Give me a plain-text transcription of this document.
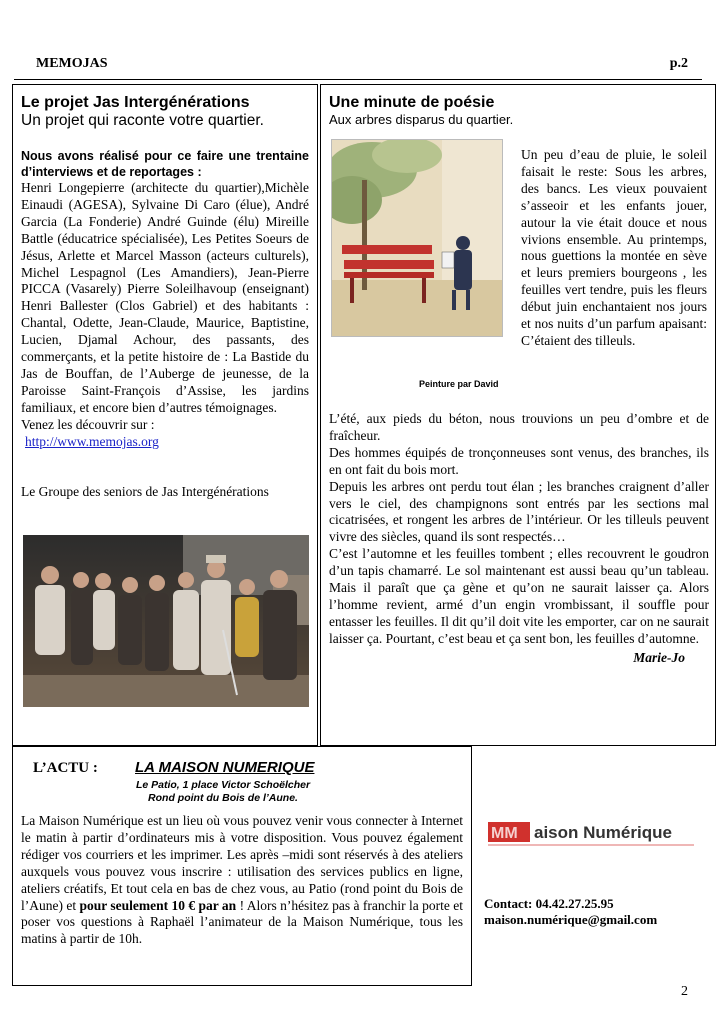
MEMOJAS	p.2

Le projet Jas Intergénérations

Un projet qui raconte votre quartier.

Nous avons réalisé pour ce faire une trentaine d’interviews et de reportages :
Henri Longepierre (architecte du quartier),Michèle Einaudi (AGESA), Sylvaine Di Caro (élue), André Garcia (La Fonderie) André Guinde (élu) Mireille Battle (éducatrice spécialisée), Les Petites Soeurs de Jésus, Arlette et Marcel Masson (acteurs culturels), Michel Lespagnol (Les Amandiers), Jean-Pierre PICCA (Vasarely) Pierre Soleilhavoup (enseignant) Henri Ballester (Clos Gabriel) et des habitants : Chantal, Odette, Jean-Claude, Maurice, Baptistine, Lucien, Djamal Achour, des passants, des commerçants, et la petite histoire de : La Bastide du Jas de Bouffan, de l’Auberge de jeunesse, de la Paroisse Saint-François d’Assise, les jardins familiaux, et encore bien d’autres témoignages.
Venez les découvrir sur :
http://www.memojas.org
Le Groupe des seniors de Jas Intergénérations

Une minute de poésie

Aux arbres disparus du quartier.

Peinture par David
Un peu d’eau de pluie, le soleil faisait le reste: Sous les arbres, des bancs. Les vieux pouvaient s’asseoir et les enfants jouer, autour la vie était douce et nous vivions ensemble. Au printemps, nous guettions la montée en sève et leurs premiers bourgeons , les feuilles vert tendre, puis les fleurs début juin enchantaient nos jours et nos nuits d’un parfum apaisant: C’étaient des tilleuls.
L’été, aux pieds du béton, nous trouvions un peu d’ombre et de fraîcheur.
Des hommes équipés de tronçonneuses sont venus, des branches, ils en ont fait du bois mort.
Depuis les arbres ont perdu tout élan ; les branches craignent d’aller vers le ciel, des champignons sont entrés par les sections mal cicatrisées, et rongent les arbres de l’intérieur. Or les tilleuls peuvent vivre des siècles, quand ils sont respectés…
C’est l’automne et les feuilles tombent ; elles recouvrent le goudron d’un tapis chamarré. Le sol maintenant est aussi beau qu’un tableau. Mais il paraît que ça gène et qu’on ne saurait laisser ça. Alors l’homme revient, armé d’un engin vrombissant, il souffle pour entasser les feuilles. Il dit qu’il doit vite les emporter, car on ne saurait laisser ça. Pourtant, c’est beau et ça sent bon, les feuilles d’automne.
Marie-Jo
L’ACTU : LA MAISON NUMERIQUE
Le Patio, 1 place Victor Schoëlcher
Rond point du Bois de l’Aune.
La Maison Numérique est un lieu où vous pouvez venir vous connecter à Internet le matin à partir d’ordinateurs mis à votre disposition. Vous pouvez également rédiger vos courriers et les imprimer. Les après –midi sont réservés à des ateliers auxquels vous pouvez vous inscrire : utilisation des services publics en ligne, ateliers créatifs, Et tout cela en bas de chez vous, au Patio (rond point du Bois de l’Aune) et pour seulement 10 € par an ! Alors n’hésitez pas à franchir la porte et poser vos questions à Raphaël l’animateur de la Maison Numérique, tous les matins à partir de 10h.
MM aison Numérique
Contact: 04.42.27.25.95
maison.numérique@gmail.com
2
